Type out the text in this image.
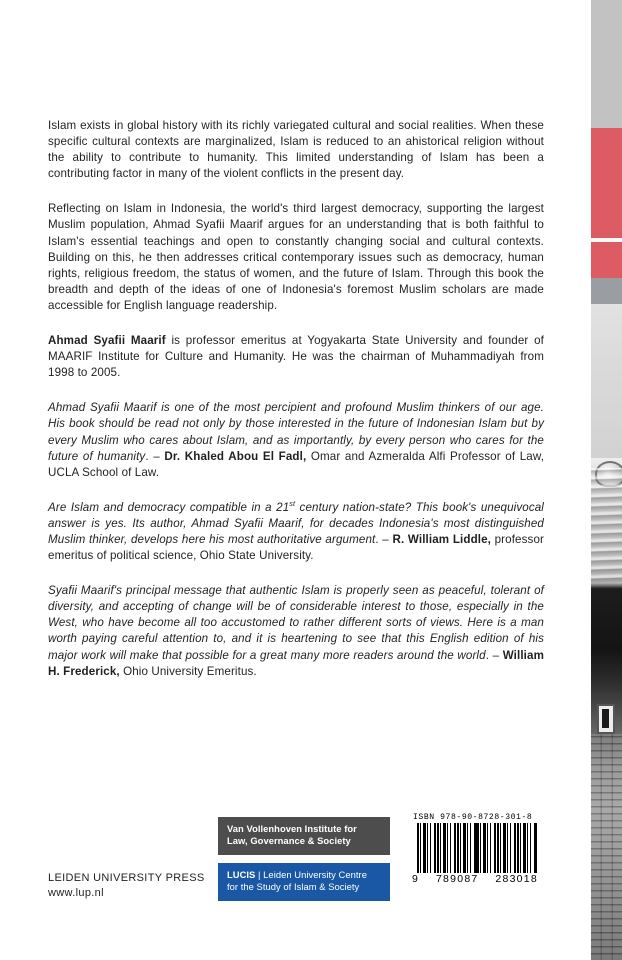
Islam exists in global history with its richly variegated cultural and social realities. When these specific cultural contexts are marginalized, Islam is reduced to an ahistorical religion without the ability to contribute to humanity. This limited understanding of Islam has been a contributing factor in many of the violent conflicts in the present day.

Reflecting on Islam in Indonesia, the world's third largest democracy, supporting the largest Muslim population, Ahmad Syafii Maarif argues for an understanding that is both faithful to Islam's essential teachings and open to constantly changing social and cultural contexts. Building on this, he then addresses critical contemporary issues such as democracy, human rights, religious freedom, the status of women, and the future of Islam. Through this book the breadth and depth of the ideas of one of Indonesia's foremost Muslim scholars are made accessible for English language readership.

Ahmad Syafii Maarif is professor emeritus at Yogyakarta State University and founder of MAARIF Institute for Culture and Humanity. He was the chairman of Muhammadiyah from 1998 to 2005.

Ahmad Syafii Maarif is one of the most percipient and profound Muslim thinkers of our age. His book should be read not only by those interested in the future of Indonesian Islam but by every Muslim who cares about Islam, and as importantly, by every person who cares for the future of humanity. – Dr. Khaled Abou El Fadl, Omar and Azmeralda Alfi Professor of Law, UCLA School of Law.

Are Islam and democracy compatible in a 21st century nation-state? This book's unequivocal answer is yes. Its author, Ahmad Syafii Maarif, for decades Indonesia's most distinguished Muslim thinker, develops here his most authoritative argument. – R. William Liddle, professor emeritus of political science, Ohio State University.

Syafii Maarif's principal message that authentic Islam is properly seen as peaceful, tolerant of diversity, and accepting of change will be of considerable interest to those, especially in the West, who have become all too accustomed to rather different sorts of views. Here is a man worth paying careful attention to, and it is heartening to see that this English edition of his major work will make that possible for a great many more readers around the world. – William H. Frederick, Ohio University Emeritus.

LEIDEN UNIVERSITY PRESS
www.lup.nl
Van Vollenhoven Institute for
Law, Governance & Society
LUCIS | Leiden University Centre
for the Study of Islam & Society
ISBN 978-90-8728-301-8
9 789087 283018
